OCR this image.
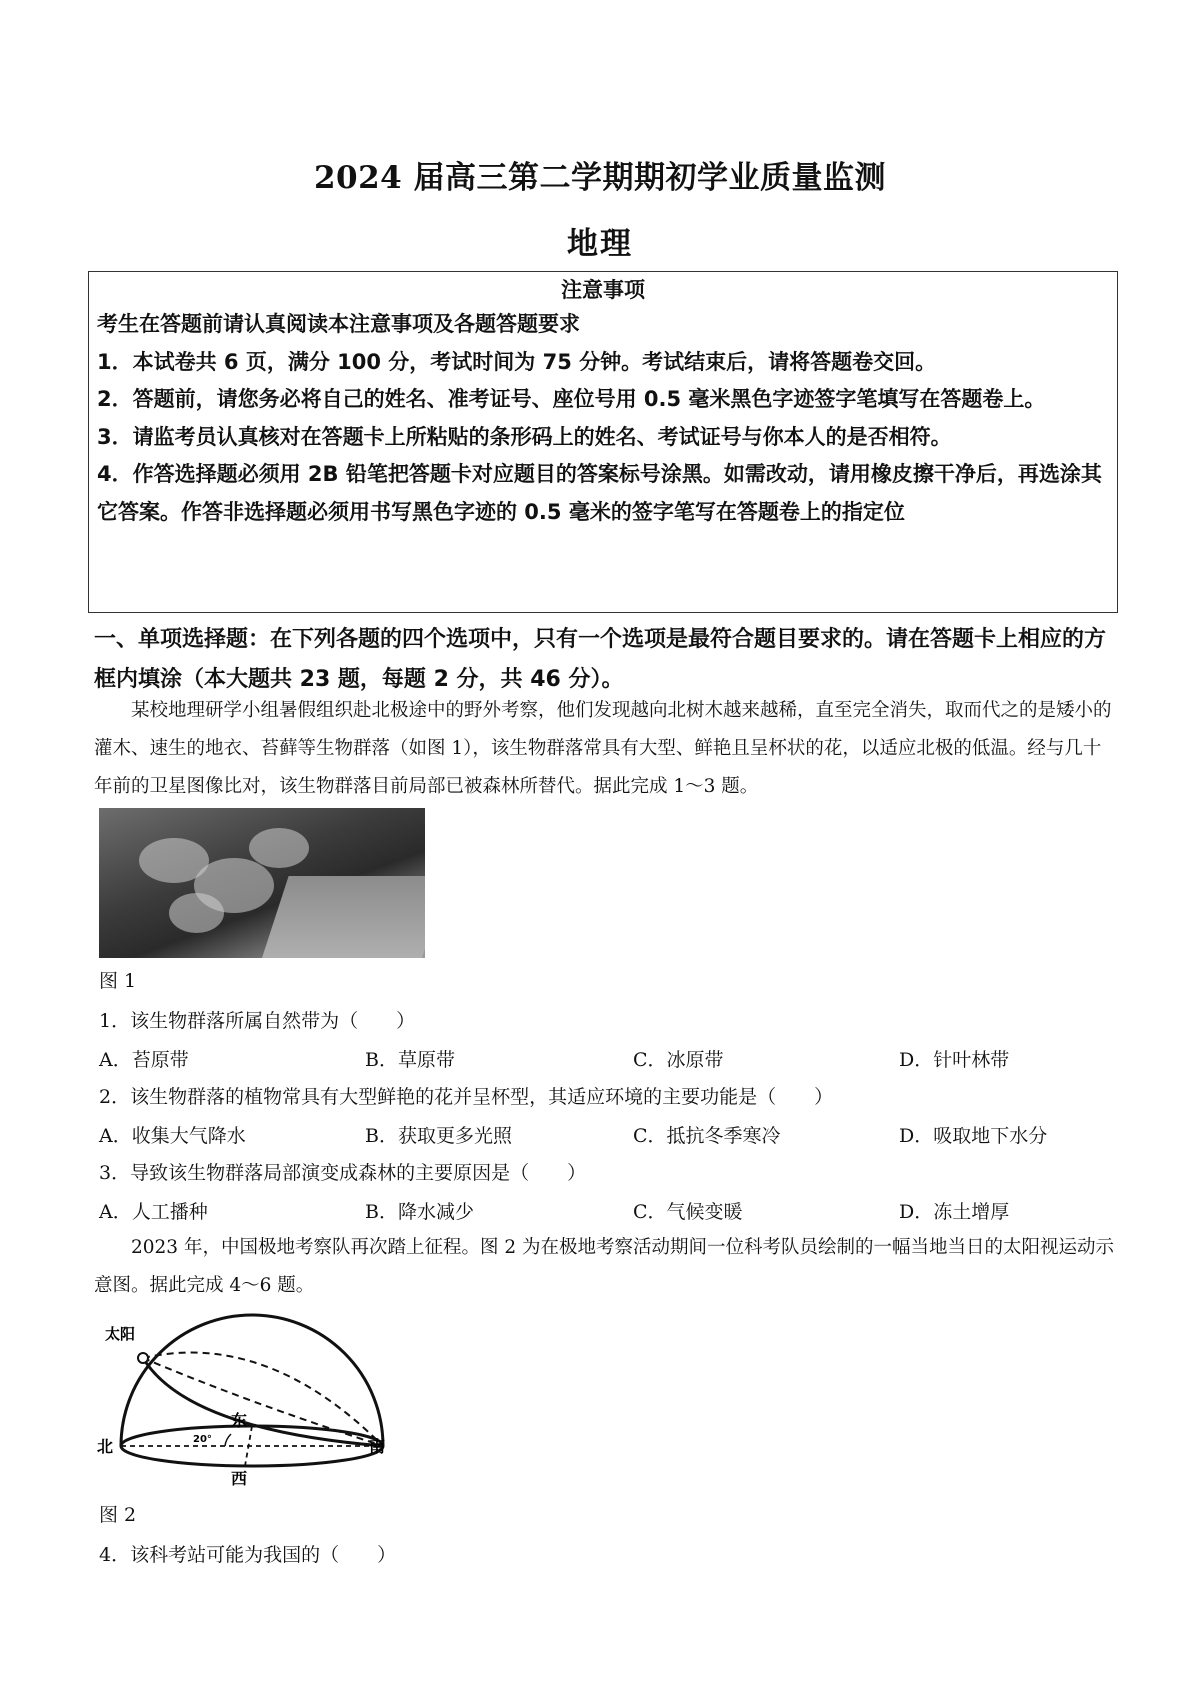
2024 届高三第二学期期初学业质量监测
地理
注意事项
考生在答题前请认真阅读本注意事项及各题答题要求
1．本试卷共 6 页，满分 100 分，考试时间为 75 分钟。考试结束后，请将答题卷交回。
2．答题前，请您务必将自己的姓名、准考证号、座位号用 0.5 毫米黑色字迹签字笔填写在答题卷上。
3．请监考员认真核对在答题卡上所粘贴的条形码上的姓名、考试证号与你本人的是否相符。
4．作答选择题必须用 2B 铅笔把答题卡对应题目的答案标号涂黑。如需改动，请用橡皮擦干净后，再选涂其它答案。作答非选择题必须用书写黑色字迹的 0.5 毫米的签字笔写在答题卷上的指定位
一、单项选择题：在下列各题的四个选项中，只有一个选项是最符合题目要求的。请在答题卡上相应的方框内填涂（本大题共 23 题，每题 2 分，共 46 分）。
某校地理研学小组暑假组织赴北极途中的野外考察，他们发现越向北树木越来越稀，直至完全消失，取而代之的是矮小的灌木、速生的地衣、苔藓等生物群落（如图 1），该生物群落常具有大型、鲜艳且呈杯状的花，以适应北极的低温。经与几十年前的卫星图像比对，该生物群落目前局部已被森林所替代。据此完成 1～3 题。
图 1
1．该生物群落所属自然带为（　　）
A．苔原带	B．草原带	C．冰原带	D．针叶林带
2．该生物群落的植物常具有大型鲜艳的花并呈杯型，其适应环境的主要功能是（　　）
A．收集大气降水	B．获取更多光照	C．抵抗冬季寒冷	D．吸取地下水分
3．导致该生物群落局部演变成森林的主要原因是（　　）
A．人工播种	B．降水减少	C．气候变暖	D．冻土增厚
2023 年，中国极地考察队再次踏上征程。图 2 为在极地考察活动期间一位科考队员绘制的一幅当地当日的太阳视运动示意图。据此完成 4～6 题。
太阳
东
20°
北	南
西
图 2
4．该科考站可能为我国的（　　）
